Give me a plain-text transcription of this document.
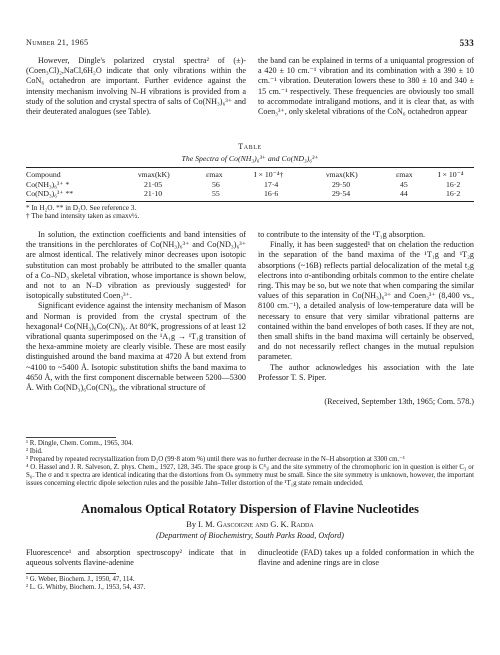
Number 21, 1965	533

However, Dingle's polarized crystal spectra² of (±)-(Coen₃Cl)₂,NaCl,6H₂O indicate that only vibrations within the CoN₆ octahedron are important. Further evidence against the intensity mechanism involving N–H vibrations is provided from a study of the solution and crystal spectra of salts of Co(NH₃)₆³⁺ and their deuterated analogues (see Table).

the band can be explained in terms of a uniquantal progression of a 420 ± 10 cm.⁻¹ vibration and its combination with a 390 ± 10 cm.⁻¹ vibration. Deuteration lowers these to 380 ± 10 and 340 ± 15 cm.⁻¹ respectively. These frequencies are obviously too small to accommodate intraligand motions, and it is clear that, as with Coen₃³⁺, only skeletal vibrations of the CoN₆ octahedron appear

Table
The Spectra of Co(NH₃)₆³⁺ and Co(ND₃)₆³⁺
Compound	νmax(kK)	εmax	I × 10⁻⁴†	νmax(kK)	εmax	I × 10⁻⁴
Co(NH₃)₆³⁺ *	21·05	56	17·4	29·50	45	16·2
Co(ND₃)₆³⁺ **	21·10	55	16·6	29·54	44	16·2
* In H₂O. ** in D₂O. See reference 3.
† The band intensity taken as εmaxν½.

In solution, the extinction coefficients and band intensities of the transitions in the perchlorates of Co(NH₃)₆³⁺ and Co(ND₃)₆³⁺ are almost identical. The relatively minor decreases upon isotopic substitution can most probably be attributed to the smaller quanta of a Co–ND₃ skeletal vibration, whose importance is shown below, and not to an N–D vibration as previously suggested¹ for isotopically substituted Coen₃³⁺.

Significant evidence against the intensity mechanism of Mason and Norman is provided from the crystal spectrum of the hexagonal⁴ Co(NH₃)₆Co(CN)₆. At 80°K, progressions of at least 12 vibrational quanta superimposed on the ¹A₁g → ¹T₁g transition of the hexa-ammine moiety are clearly visible. These are most easily distinguished around the band maxima at 4720 Å but extend from ~4100 to ~5400 Å. Isotopic substitution shifts the band maxima to 4650 Å, with the first component discernable between 5200—5300 Å. With Co(ND₃)₆Co(CN)₆, the vibrational structure of

to contribute to the intensity of the ¹T₁g absorption.

Finally, it has been suggested¹ that on chelation the reduction in the separation of the band maxima of the ¹T₁g and ¹T₂g absorptions (~16B) reflects partial delocalization of the metal t₂g electrons into σ-antibonding orbitals common to the entire chelate ring. This may be so, but we note that when comparing the similar values of this separation in Co(NH₃)₆³⁺ and Coen₃³⁺ (8,400 vs., 8100 cm.⁻¹), a detailed analysis of low-temperature data will be necessary to ensure that very similar vibrational patterns are contained within the band envelopes of both cases. If they are not, then small shifts in the band maxima will certainly be observed, and do not necessarily reflect changes in the mutual repulsion parameter.

The author acknowledges his association with the late Professor T. S. Piper.

(Received, September 13th, 1965; Com. 578.)
¹ R. Dingle, Chem. Comm., 1965, 304.
² Ibid.
³ Prepared by repeated recrystallization from D₂O (99·8 atom %) until there was no further decrease in the N–H absorption at 3300 cm.⁻¹
⁴ O. Hassel and J. R. Salveson, Z. phys. Chem., 1927, 128, 345. The space group is C⁴₃ᵢ and the site symmetry of the chromophoric ion in question is either C₃ or S₆. The σ and π spectra are identical indicating that the distortions from Oₕ symmetry must be small. Since the site symmetry is unknown, however, the important issues concerning electric dipole selection rules and the possible Jahn–Teller distortion of the ¹T₁g state remain undecided.
Anomalous Optical Rotatory Dispersion of Flavine Nucleotides
By I. M. Gascoigne and G. K. Radda
(Department of Biochemistry, South Parks Road, Oxford)

Fluorescence¹ and absorption spectroscopy² indicate that in aqueous solvents flavine-adenine

dinucleotide (FAD) takes up a folded conformation in which the flavine and adenine rings are in close

¹ G. Weber, Biochem. J., 1950, 47, 114.
² L. G. Whitby, Biochem. J., 1953, 54, 437.
